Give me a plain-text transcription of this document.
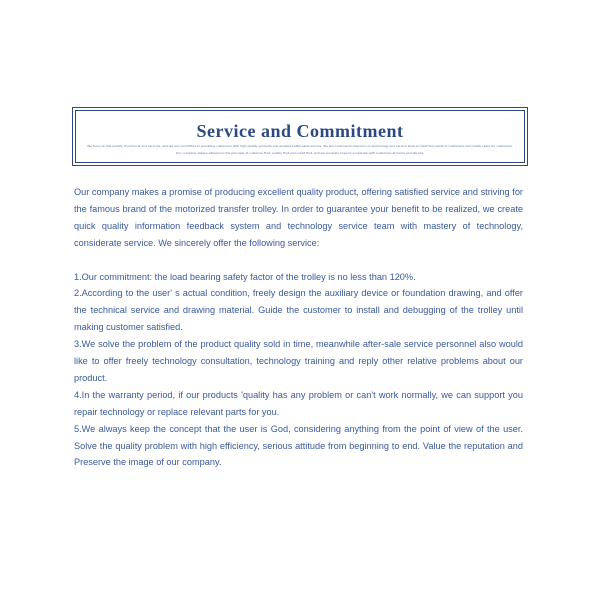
Service and Commitment
We focus on the quality of products and services, and we are committed to providing customers with high quality products and excellent after-sales service. We will continue to improve our technology and service level to meet the needs of customers and create value for customers.
Our company always adheres to the principle of customer first, quality first and credit first, and we sincerely hope to cooperate with customers at home and abroad.

Our company makes a promise of producing excellent quality product, offering satisfied service and striving for the famous brand of the motorized transfer trolley. In order to guarantee your benefit to be realized, we create quick quality information feedback system and technology service team with mastery of technology, considerate service. We sincerely offer the following service:

1.Our commitment: the load bearing safety factor of the trolley is no less than 120%.

2.According to the user' s actual condition, freely design the auxiliary device or foundation drawing, and offer the technical service and drawing material. Guide the customer to install and debugging of the trolley until making customer satisfied.

3.We solve the problem of the product quality sold in time, meanwhile after-sale service personnel also would like to offer freely technology consultation, technology training and reply other relative problems about our product.

4.In the warranty period, if our products 'quality has any problem or can't work normally, we can support you repair technology or replace relevant parts for you.

5.We always keep the concept that the user is God, considering anything from the point of view of the user. Solve the quality problem with high efficiency, serious attitude from beginning to end. Value the reputation and Preserve the image of our company.
